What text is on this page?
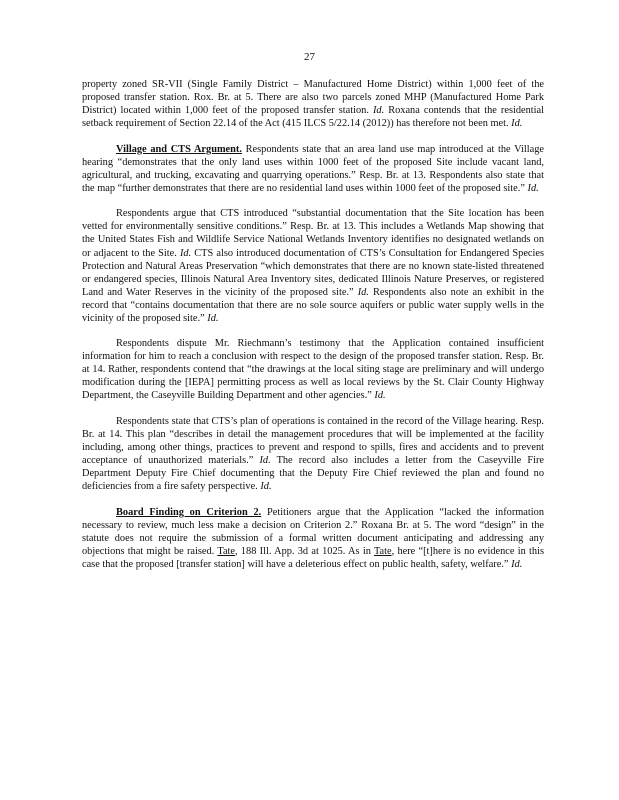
27

property zoned SR-VII (Single Family District – Manufactured Home District) within 1,000 feet of the proposed transfer station. Rox. Br. at 5. There are also two parcels zoned MHP (Manufactured Home Park District) located within 1,000 feet of the proposed transfer station. Id. Roxana contends that the residential setback requirement of Section 22.14 of the Act (415 ILCS 5/22.14 (2012)) has therefore not been met. Id.

Village and CTS Argument. Respondents state that an area land use map introduced at the Village hearing “demonstrates that the only land uses within 1000 feet of the proposed Site include vacant land, agricultural, and trucking, excavating and quarrying operations.” Resp. Br. at 13. Respondents also state that the map “further demonstrates that there are no residential land uses within 1000 feet of the proposed site.” Id.

Respondents argue that CTS introduced “substantial documentation that the Site location has been vetted for environmentally sensitive conditions.” Resp. Br. at 13. This includes a Wetlands Map showing that the United States Fish and Wildlife Service National Wetlands Inventory identifies no designated wetlands on or adjacent to the Site. Id. CTS also introduced documentation of CTS’s Consultation for Endangered Species Protection and Natural Areas Preservation “which demonstrates that there are no known state-listed threatened or endangered species, Illinois Natural Area Inventory sites, dedicated Illinois Nature Preserves, or registered Land and Water Reserves in the vicinity of the proposed site.” Id. Respondents also note an exhibit in the record that “contains documentation that there are no sole source aquifers or public water supply wells in the vicinity of the proposed site.” Id.

Respondents dispute Mr. Riechmann’s testimony that the Application contained insufficient information for him to reach a conclusion with respect to the design of the proposed transfer station. Resp. Br. at 14. Rather, respondents contend that “the drawings at the local siting stage are preliminary and will undergo modification during the [IEPA] permitting process as well as local reviews by the St. Clair County Highway Department, the Caseyville Building Department and other agencies.” Id.

Respondents state that CTS’s plan of operations is contained in the record of the Village hearing. Resp. Br. at 14. This plan “describes in detail the management procedures that will be implemented at the facility including, among other things, practices to prevent and respond to spills, fires and accidents and to prevent acceptance of unauthorized materials.” Id. The record also includes a letter from the Caseyville Fire Department Deputy Fire Chief documenting that the Deputy Fire Chief reviewed the plan and found no deficiencies from a fire safety perspective. Id.

Board Finding on Criterion 2. Petitioners argue that the Application “lacked the information necessary to review, much less make a decision on Criterion 2.” Roxana Br. at 5. The word “design” in the statute does not require the submission of a formal written document anticipating and addressing any objections that might be raised. Tate, 188 Ill. App. 3d at 1025. As in Tate, here “[t]here is no evidence in this case that the proposed [transfer station] will have a deleterious effect on public health, safety, welfare.” Id.
